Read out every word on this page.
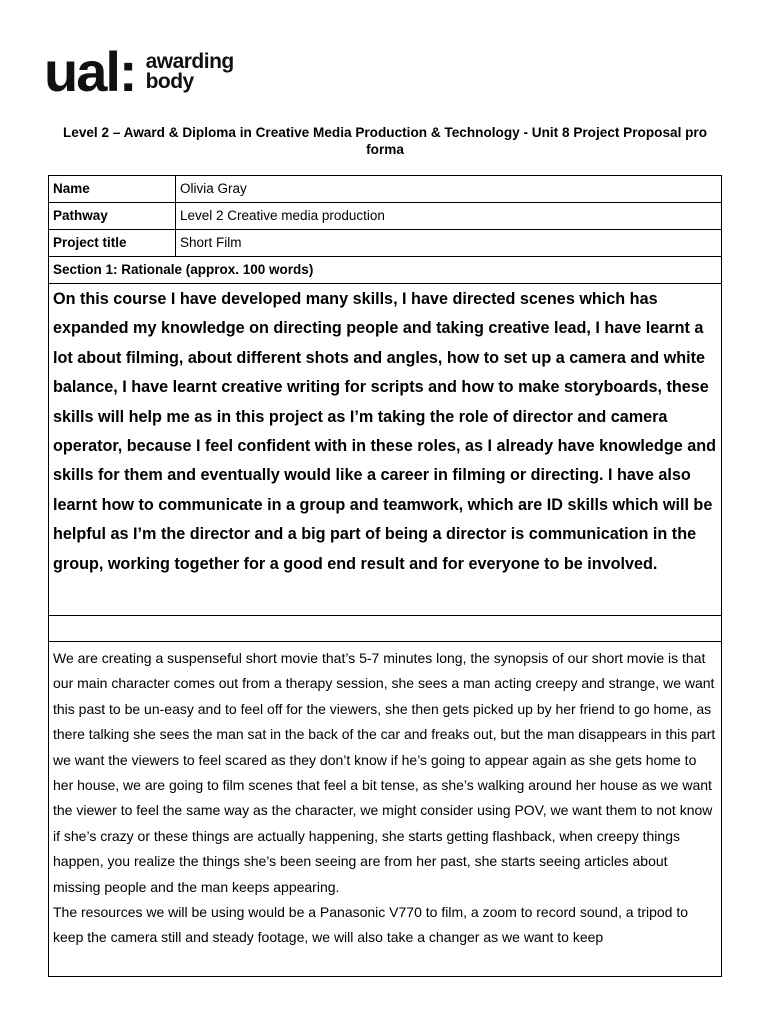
ual: awarding
body
Level 2 – Award & Diploma in Creative Media Production & Technology - Unit 8 Project Proposal pro forma
Name	Olivia Gray
Pathway	Level 2 Creative media production
Project title	Short Film
Section 1: Rationale (approx. 100 words)	
On this course I have developed many skills, I have directed scenes which has expanded my knowledge on directing people and taking creative lead, I have learnt a lot about filming, about different shots and angles, how to set up a camera and white balance, I have learnt creative writing for scripts and how to make storyboards, these skills will help me as in this project as I’m taking the role of director and camera operator, because I feel confident with in these roles, as I already have knowledge and skills for them and eventually would like a career in filming or directing. I have also learnt how to communicate in a group and teamwork, which are ID skills which will be helpful as I’m the director and a big part of being a director is communication in the group, working together for a good end result and for everyone to be involved.	

We are creating a suspenseful short movie that’s 5-7 minutes long, the synopsis of our short movie is that our main character comes out from a therapy session, she sees a man acting creepy and strange, we want this past to be un-easy and to feel off for the viewers, she then gets picked up by her friend to go home, as there talking she sees the man sat in the back of the car and freaks out, but the man disappears in this part we want the viewers to feel scared as they don’t know if he’s going to appear again as she gets home to her house, we are going to film scenes that feel a bit tense, as she’s walking around her house as we want the viewer to feel the same way as the character, we might consider using POV, we want them to not know if she’s crazy or these things are actually happening, she starts getting flashback, when creepy things happen, you realize the things she’s been seeing are from her past, she starts seeing articles about missing people and the man keeps appearing.

The resources we will be using would be a Panasonic V770 to film, a zoom to record sound, a tripod to keep the camera still and steady footage, we will also take a changer as we want to keep	
